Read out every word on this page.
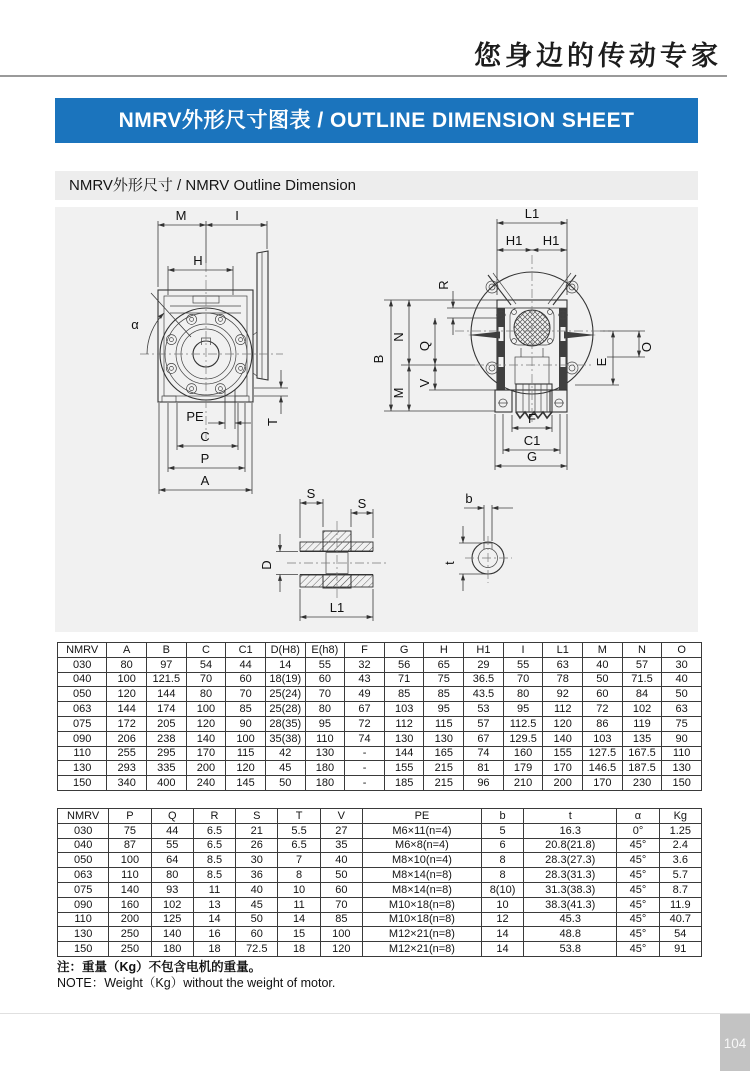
您身边的传动专家
NMRV外形尺寸图表 / OUTLINE DIMENSION SHEET
NMRV外形尺寸 / NMRV Outline Dimension
M	I
H
α
PE
C
P
A
T
L1
H1 H1
R
B
N
M
Q
V
O
E
F
C1
G
S
S
D
L1
b
t
NMRV	A	B	C	C1	D(H8)	E(h8)	F	G	H	H1	I	L1	M	N	O
030	80	97	54	44	14	55	32	56	65	29	55	63	40	57	30
040	100	121.5	70	60	18(19)	60	43	71	75	36.5	70	78	50	71.5	40
050	120	144	80	70	25(24)	70	49	85	85	43.5	80	92	60	84	50
063	144	174	100	85	25(28)	80	67	103	95	53	95	112	72	102	63
075	172	205	120	90	28(35)	95	72	112	115	57	112.5	120	86	119	75
090	206	238	140	100	35(38)	110	74	130	130	67	129.5	140	103	135	90
110	255	295	170	115	42	130	-	144	165	74	160	155	127.5	167.5	110
130	293	335	200	120	45	180	-	155	215	81	179	170	146.5	187.5	130
150	340	400	240	145	50	180	-	185	215	96	210	200	170	230	150
NMRV	P	Q	R	S	T	V	PE	b	t	α	Kg
030	75	44	6.5	21	5.5	27	M6×11(n=4)	5	16.3	0°	1.25
040	87	55	6.5	26	6.5	35	M6×8(n=4)	6	20.8(21.8)	45°	2.4
050	100	64	8.5	30	7	40	M8×10(n=4)	8	28.3(27.3)	45°	3.6
063	110	80	8.5	36	8	50	M8×14(n=8)	8	28.3(31.3)	45°	5.7
075	140	93	11	40	10	60	M8×14(n=8)	8(10)	31.3(38.3)	45°	8.7
090	160	102	13	45	11	70	M10×18(n=8)	10	38.3(41.3)	45°	11.9
110	200	125	14	50	14	85	M10×18(n=8)	12	45.3	45°	40.7
130	250	140	16	60	15	100	M12×21(n=8)	14	48.8	45°	54
150	250	180	18	72.5	18	120	M12×21(n=8)	14	53.8	45°	91
注：重量（Kg）不包含电机的重量。
NOTE：Weight（Kg）without the weight of motor.
104
